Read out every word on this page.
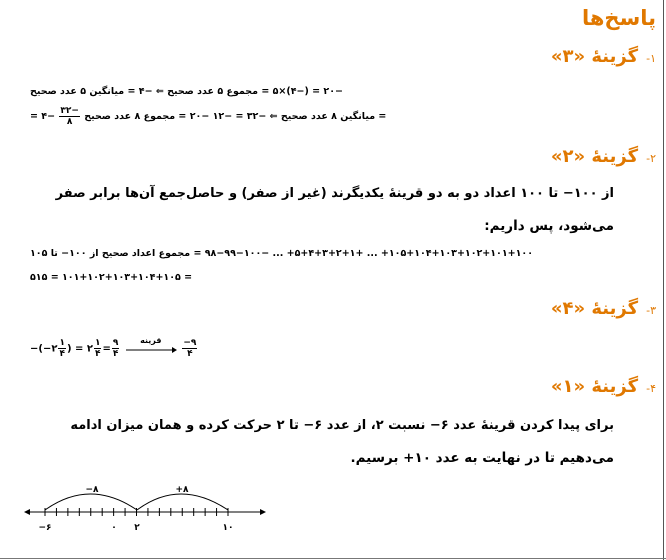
پاسخ‌ها
۱-گزینهٔ «۳»
−۲۰ = (−۴)×۵ = مجموع ۵ عدد صحیح ⇐ −۴ = میانگین ۵ عدد صحیح
= میانگین ۸ عدد صحیح ⇐ −۳۲ = −۱۲ −۲۰ = مجموع ۸ عدد صحیح
$\frac{-۳۲}{۸}$
−۴ =
۲-گزینهٔ «۲»
از ۱۰۰− تا ۱۰۰ اعداد دو به دو قرینهٔ یکدیگرند (غیر از صفر) و حاصل‌جمع آن‌ها برابر صفر
می‌شود، پس داریم:
۱۰۵+۱۰۴+۱۰۳+۱۰۲+۱۰۱+۱۰۰+ ... +۵+۴+۳+۲+۱+ ... −۹۸−۹۹−۱۰۰ = مجموع اعداد صحیح از ۱۰۰− تا ۱۰۵
= ۱۰۱+۱۰۲+۱۰۳+۱۰۴+۱۰۵ = ۵۱۵
۳-گزینهٔ «۴»
−(−۲ $\frac{۱}{۴}$ ) = ۲ $\frac{۱}{۴} = \frac{۹}{۴}$
	قرینه
	$\frac{-۹}{۴}$
۴-گزینهٔ «۱»
برای پیدا کردن قرینهٔ عدد ۶− نسبت ۲، از عدد ۶− تا ۲ حرکت کرده و همان میزان ادامه
می‌دهیم تا در نهایت به عدد ۱۰+ برسیم.
−۸	+۸
−۶	۰ ۲	۱۰
